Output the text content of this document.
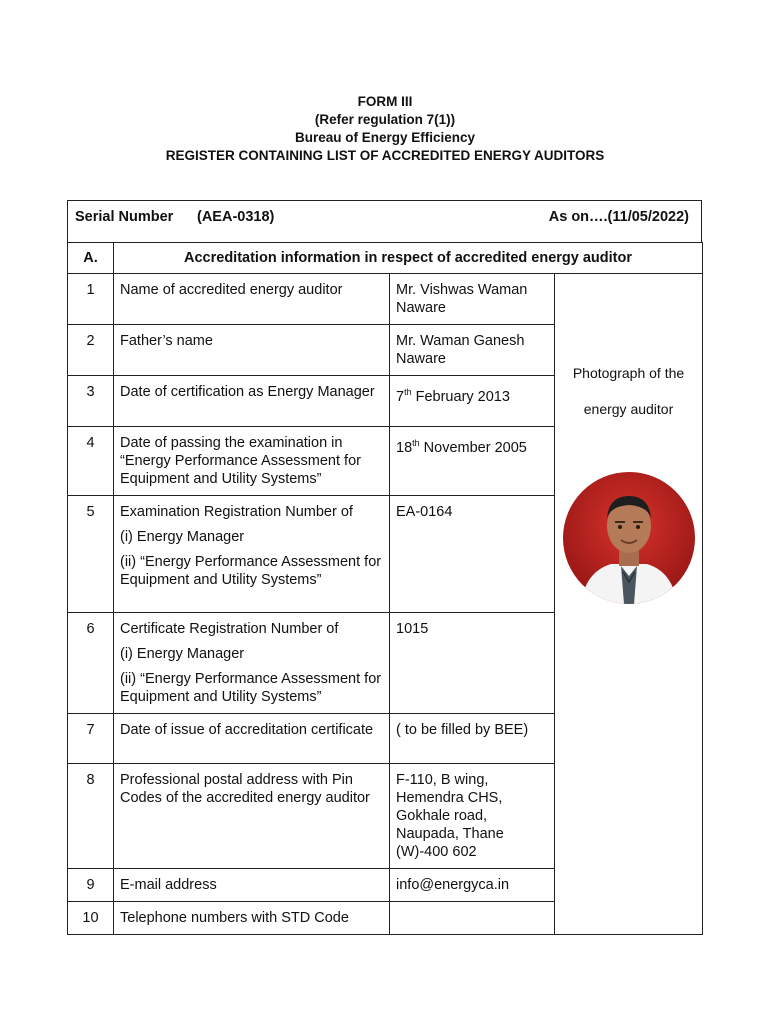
FORM III
(Refer regulation 7(1))
Bureau of Energy Efficiency
REGISTER CONTAINING LIST OF ACCREDITED ENERGY AUDITORS
Serial Number (AEA-0318)	As on….(11/05/2022)
A.	Accreditation information in respect of accredited energy auditor		
1	Name of accredited energy auditor	Mr. Vishwas Waman Naware	Photograph of the
energy auditor

2	Father’s name	Mr. Waman Ganesh Naware	
3	Date of certification as Energy Manager	7th February 2013	
4	Date of passing the examination in “Energy Performance Assessment for Equipment and Utility Systems”	18th November 2005	
5	Examination Registration Number of
(i) Energy Manager
(ii) “Energy Performance Assessment for Equipment and Utility Systems”	EA-0164	
6	Certificate Registration Number of
(i) Energy Manager
(ii) “Energy Performance Assessment for Equipment and Utility Systems”	1015	
7	Date of issue of accreditation certificate	( to be filled by BEE)	
8	Professional postal address with Pin Codes of the accredited energy auditor	F-110, B wing, Hemendra CHS, Gokhale road, Naupada, Thane (W)-400 602	
9	E-mail address	info@energyca.in	
10	Telephone numbers with STD Code		
